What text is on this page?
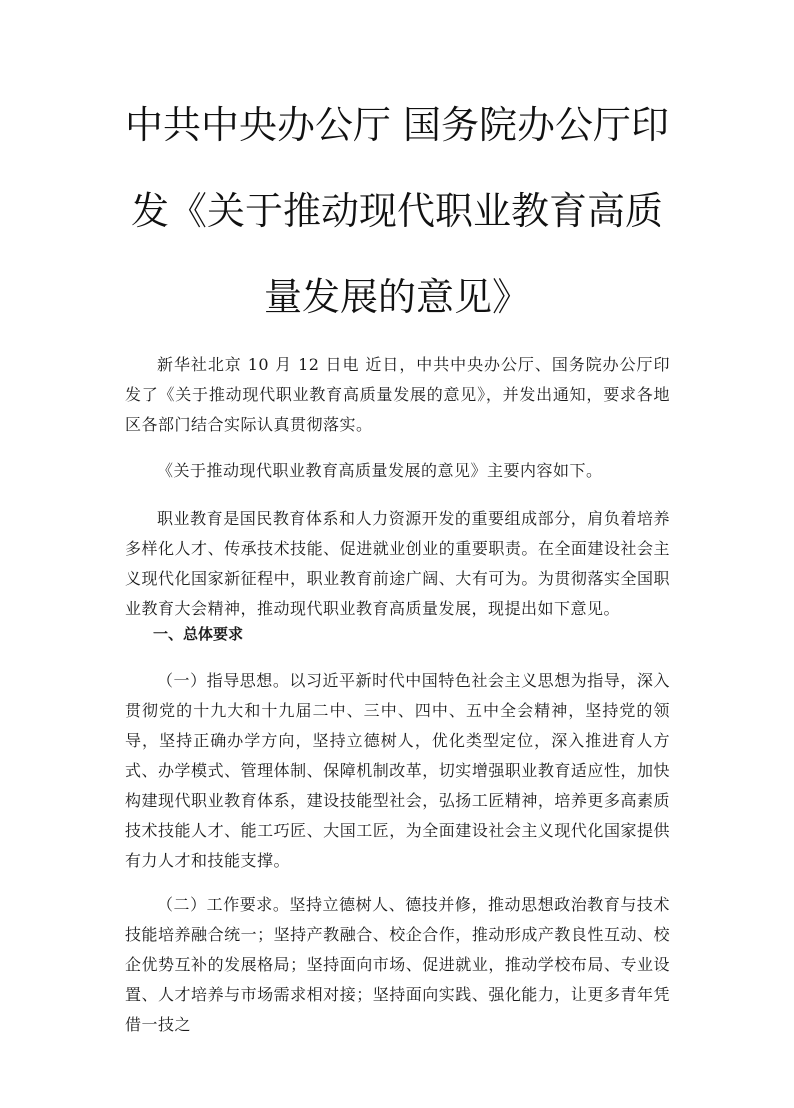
中共中央办公厅 国务院办公厅印
发《关于推动现代职业教育高质
量发展的意见》

新华社北京 10 月 12 日电 近日，中共中央办公厅、国务院办公厅印发了《关于推动现代职业教育高质量发展的意见》，并发出通知，要求各地区各部门结合实际认真贯彻落实。

《关于推动现代职业教育高质量发展的意见》主要内容如下。

职业教育是国民教育体系和人力资源开发的重要组成部分，肩负着培养多样化人才、传承技术技能、促进就业创业的重要职责。在全面建设社会主义现代化国家新征程中，职业教育前途广阔、大有可为。为贯彻落实全国职业教育大会精神，推动现代职业教育高质量发展，现提出如下意见。

一、总体要求

（一）指导思想。以习近平新时代中国特色社会主义思想为指导，深入贯彻党的十九大和十九届二中、三中、四中、五中全会精神，坚持党的领导，坚持正确办学方向，坚持立德树人，优化类型定位，深入推进育人方式、办学模式、管理体制、保障机制改革，切实增强职业教育适应性，加快构建现代职业教育体系，建设技能型社会，弘扬工匠精神，培养更多高素质技术技能人才、能工巧匠、大国工匠，为全面建设社会主义现代化国家提供有力人才和技能支撑。

（二）工作要求。坚持立德树人、德技并修，推动思想政治教育与技术技能培养融合统一；坚持产教融合、校企合作，推动形成产教良性互动、校企优势互补的发展格局；坚持面向市场、促进就业，推动学校布局、专业设置、人才培养与市场需求相对接；坚持面向实践、强化能力，让更多青年凭借一技之
